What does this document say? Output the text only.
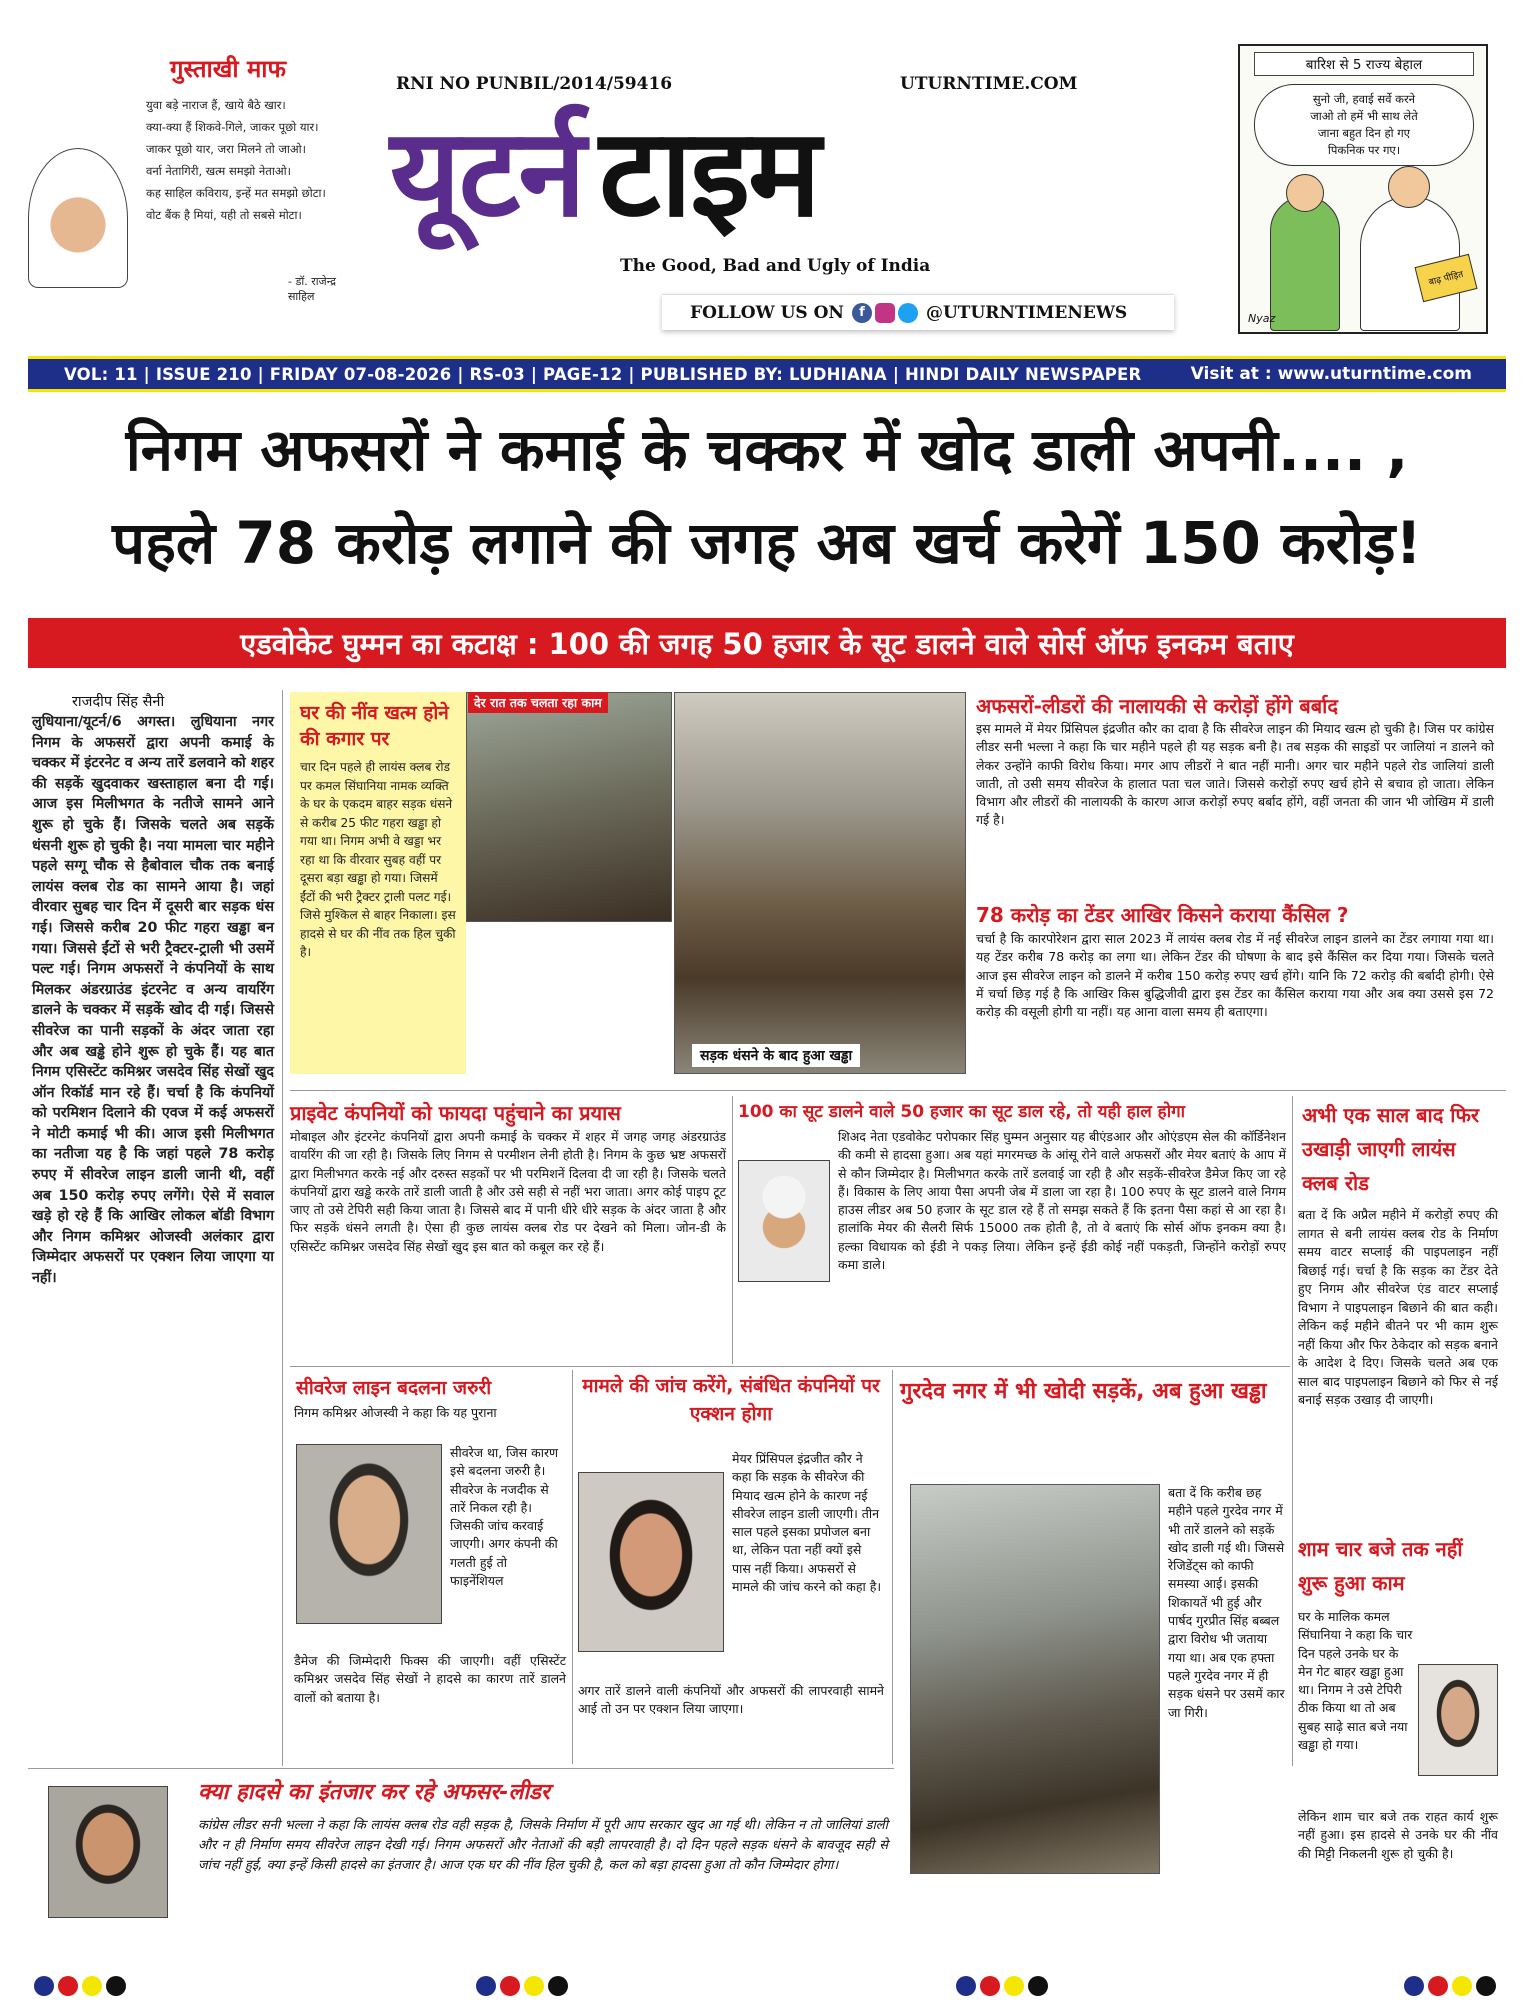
गुस्ताखी माफ
युवा बड़े नाराज हैं, खाये बैठे खार।
क्या-क्या हैं शिकवे-गिले, जाकर पूछो यार।
जाकर पूछो यार, जरा मिलने तो जाओ।
वर्ना नेतागिरी, खत्म समझो नेताओ।
कह साहिल कविराय, इन्हें मत समझो छोटा।
वोट बैंक है मियां, यही तो सबसे मोटा।
- डॉ. राजेन्द्र साहिल
RNI NO PUNBIL/2014/59416	UTURNTIME.COM
यूटर्न टाइम
The Good, Bad and Ugly of India
FOLLOW US ON	f	@UTURNTIMENEWS
बारिश से 5 राज्य बेहाल
सुनो जी, हवाई सर्वे करने
जाओ तो हमें भी साथ लेते
जाना बहुत दिन हो गए
पिकनिक पर गए।
बाढ़ पीड़ित
Nyaz
VOL: 11 | ISSUE 210 | FRIDAY 07-08-2026 | RS-03 | PAGE-12 | PUBLISHED BY: LUDHIANA | HINDI DAILY NEWSPAPER	Visit at : www.uturntime.com
निगम अफसरों ने कमाई के चक्कर में खोद डाली अपनी.... ,
पहले 78 करोड़ लगाने की जगह अब खर्च करेगें 150 करोड़!
एडवोकेट घुम्मन का कटाक्ष : 100 की जगह 50 हजार के सूट डालने वाले सोर्स ऑफ इनकम बताए
राजदीप सिंह सैनी
लुधियाना/यूटर्न/6 अगस्त। लुधियाना नगर निगम के अफसरों द्वारा अपनी कमाई के चक्कर में इंटरनेट व अन्य तारें डलवाने को शहर की सड़कें खुदवाकर खस्ताहाल बना दी गई। आज इस मिलीभगत के नतीजे सामने आने शुरू हो चुके हैं। जिसके चलते अब सड़कें धंसनी शुरू हो चुकी है। नया मामला चार महीने पहले सग्गू चौक से हैबोवाल चौक तक बनाई लायंस क्लब रोड का सामने आया है। जहां वीरवार सुबह चार दिन में दूसरी बार सड़क धंस गई। जिससे करीब 20 फीट गहरा खड्ढा बन गया। जिससे ईंटों से भरी ट्रैक्टर-ट्राली भी उसमें पल्ट गई। निगम अफसरों ने कंपनियों के साथ मिलकर अंडरग्राउंड इंटरनेट व अन्य वायरिंग डालने के चक्कर में सड़कें खोद दी गई। जिससे सीवरेज का पानी सड़कों के अंदर जाता रहा और अब खड्ढे होने शुरू हो चुके हैं। यह बात निगम एसिस्टेंट कमिश्नर जसदेव सिंह सेखों खुद ऑन रिकॉर्ड मान रहे हैं। चर्चा है कि कंपनियों को परमिशन दिलाने की एवज में कई अफसरों ने मोटी कमाई भी की। आज इसी मिलीभगत का नतीजा यह है कि जहां पहले 78 करोड़ रुपए में सीवरेज लाइन डाली जानी थी, वहीं अब 150 करोड़ रुपए लगेंगे। ऐसे में सवाल खड़े हो रहे हैं कि आखिर लोकल बॉडी विभाग और निगम कमिश्नर ओजस्वी अलंकार द्वारा जिम्मेदार अफसरों पर एक्शन लिया जाएगा या नहीं।
घर की नींव खत्म होने की कगार पर
चार दिन पहले ही लायंस क्लब रोड पर कमल सिंघानिया नामक व्यक्ति के घर के एकदम बाहर सड़क धंसने से करीब 25 फीट गहरा खड्ढा हो गया था। निगम अभी वे खड्डा भर रहा था कि वीरवार सुबह वहीं पर दूसरा बड़ा खड्ढा हो गया। जिसमें ईंटों की भरी ट्रैक्टर ट्राली पलट गई। जिसे मुश्किल से बाहर निकाला। इस हादसे से घर की नींव तक हिल चुकी है।
देर रात तक चलता रहा काम
सड़क धंसने के बाद हुआ खड्ढा
अफसरों-लीडरों की नालायकी से करोड़ों होंगे बर्बाद
इस मामले में मेयर प्रिंसिपल इंद्रजीत कौर का दावा है कि सीवरेज लाइन की मियाद खत्म हो चुकी है। जिस पर कांग्रेस लीडर सनी भल्ला ने कहा कि चार महीने पहले ही यह सड़क बनी है। तब सड़क की साइडों पर जालियां न डालने को लेकर उन्होंने काफी विरोध किया। मगर आप लीडरों ने बात नहीं मानी। अगर चार महीने पहले रोड जालियां डाली जाती, तो उसी समय सीवरेज के हालात पता चल जाते। जिससे करोड़ों रुपए खर्च होने से बचाव हो जाता। लेकिन विभाग और लीडरों की नालायकी के कारण आज करोड़ों रुपए बर्बाद होंगे, वहीं जनता की जान भी जोखिम में डाली गई है।
78 करोड़ का टेंडर आखिर किसने कराया कैंसिल ?
चर्चा है कि कारपोरेशन द्वारा साल 2023 में लायंस क्लब रोड में नई सीवरेज लाइन डालने का टेंडर लगाया गया था। यह टेंडर करीब 78 करोड़ का लगा था। लेकिन टेंडर की घोषणा के बाद इसे कैंसिल कर दिया गया। जिसके चलते आज इस सीवरेज लाइन को डालने में करीब 150 करोड़ रुपए खर्च होंगे। यानि कि 72 करोड़ की बर्बादी होगी। ऐसे में चर्चा छिड़ गई है कि आखिर किस बुद्धिजीवी द्वारा इस टेंडर का कैंसिल कराया गया और अब क्या उससे इस 72 करोड़ की वसूली होगी या नहीं। यह आना वाला समय ही बताएगा।
प्राइवेट कंपनियों को फायदा पहुंचाने का प्रयास
मोबाइल और इंटरनेट कंपनियों द्वारा अपनी कमाई के चक्कर में शहर में जगह जगह अंडरग्राउंड वायरिंग की जा रही है। जिसके लिए निगम से परमीशन लेनी होती है। निगम के कुछ भ्रष्ट अफसरों द्वारा मिलीभगत करके नई और दरुस्त सड़कों पर भी परमिशनें दिलवा दी जा रही है। जिसके चलते कंपनियों द्वारा खड्ढे करके तारें डाली जाती है और उसे सही से नहीं भरा जाता। अगर कोई पाइप टूट जाए तो उसे टेपिरी सही किया जाता है। जिससे बाद में पानी धीरे धीरे सड़क के अंदर जाता है और फिर सड़कें धंसने लगती है। ऐसा ही कुछ लायंस क्लब रोड पर देखने को मिला। जोन-डी के एसिस्टेंट कमिश्नर जसदेव सिंह सेखों खुद इस बात को कबूल कर रहे हैं।
100 का सूट डालने वाले 50 हजार का सूट डाल रहे, तो यही हाल होगा
शिअद नेता एडवोकेट परोपकार सिंह घुम्मन अनुसार यह बीएंडआर और ओएंडएम सेल की कॉर्डिनेशन की कमी से हादसा हुआ। अब यहां मगरमच्छ के आंसू रोने वाले अफसरों और मेयर बताएं के आप में से कौन जिम्मेदार है। मिलीभगत करके तारें डलवाई जा रही है और सड़कें-सीवरेज डैमेज किए जा रहे हैं। विकास के लिए आया पैसा अपनी जेब में डाला जा रहा है। 100 रुपए के सूट डालने वाले निगम हाउस लीडर अब 50 हजार के सूट डाल रहे हैं तो समझ सकते हैं कि इतना पैसा कहां से आ रहा है। हालांकि मेयर की सैलरी सिर्फ 15000 तक होती है, तो वे बताएं कि सोर्स ऑफ इनकम क्या है। हल्का विधायक को ईडी ने पकड़ लिया। लेकिन इन्हें ईडी कोई नहीं पकड़ती, जिन्होंने करोड़ों रुपए कमा डाले।
अभी एक साल बाद फिर उखाड़ी जाएगी लायंस क्लब रोड
बता दें कि अप्रैल महीने में करोड़ों रुपए की लागत से बनी लायंस क्लब रोड के निर्माण समय वाटर सप्लाई की पाइपलाइन नहीं बिछाई गई। चर्चा है कि सड़क का टेंडर देते हुए निगम और सीवरेज एंड वाटर सप्लाई विभाग ने पाइपलाइन बिछाने की बात कही। लेकिन कई महीने बीतने पर भी काम शुरू नहीं किया और फिर ठेकेदार को सड़क बनाने के आदेश दे दिए। जिसके चलते अब एक साल बाद पाइपलाइन बिछाने को फिर से नई बनाई सड़क उखाड़ दी जाएगी।
सीवरेज लाइन बदलना जरुरी
निगम कमिश्नर ओजस्वी ने कहा कि यह पुराना
सीवरेज था, जिस कारण इसे बदलना जरुरी है। सीवरेज के नजदीक से तारें निकल रही है। जिसकी जांच करवाई जाएगी। अगर कंपनी की गलती हुई तो फाइनेंशियल
डैमेज की जिम्मेदारी फिक्स की जाएगी। वहीं एसिस्टेंट कमिश्नर जसदेव सिंह सेखों ने हादसे का कारण तारें डालने वालों को बताया है।
मामले की जांच करेंगे, संबंधित कंपनियों पर एक्शन होगा
मेयर प्रिंसिपल इंद्रजीत कौर ने कहा कि सड़क के सीवरेज की मियाद खत्म होने के कारण नई सीवरेज लाइन डाली जाएगी। तीन साल पहले इसका प्रपोजल बना था, लेकिन पता नहीं क्यों इसे पास नहीं किया। अफसरों से मामले की जांच करने को कहा है।
अगर तारें डालने वाली कंपनियों और अफसरों की लापरवाही सामने आई तो उन पर एक्शन लिया जाएगा।
गुरदेव नगर में भी खोदी सड़कें, अब हुआ खड्ढा
बता दें कि करीब छह महीने पहले गुरदेव नगर में भी तारें डालने को सड़कें खोद डाली गई थी। जिससे रेजिडेंट्स को काफी समस्या आई। इसकी शिकायतें भी हुई और पार्षद गुरप्रीत सिंह बब्बल द्वारा विरोध भी जताया गया था। अब एक हफ्ता पहले गुरदेव नगर में ही सड़क धंसने पर उसमें कार जा गिरी।
शाम चार बजे तक नहीं शुरू हुआ काम
घर के मालिक कमल सिंघानिया ने कहा कि चार दिन पहले उनके घर के मेन गेट बाहर खड्ढा हुआ था। निगम ने उसे टेपिरी ठीक किया था तो अब सुबह साढ़े सात बजे नया खड्ढा हो गया।
लेकिन शाम चार बजे तक राहत कार्य शुरू नहीं हुआ। इस हादसे से उनके घर की नींव की मिट्टी निकलनी शुरू हो चुकी है।
क्या हादसे का इंतजार कर रहे अफसर-लीडर
कांग्रेस लीडर सनी भल्ला ने कहा कि लायंस क्लब रोड वही सड़क है, जिसके निर्माण में पूरी आप सरकार खुद आ गई थी। लेकिन न तो जालियां डाली और न ही निर्माण समय सीवरेज लाइन देखी गई। निगम अफसरों और नेताओं की बड़ी लापरवाही है। दो दिन पहले सड़क धंसने के बावजूद सही से जांच नहीं हुई, क्या इन्हें किसी हादसे का इंतजार है। आज एक घर की नींव हिल चुकी है, कल को बड़ा हादसा हुआ तो कौन जिम्मेदार होगा।
